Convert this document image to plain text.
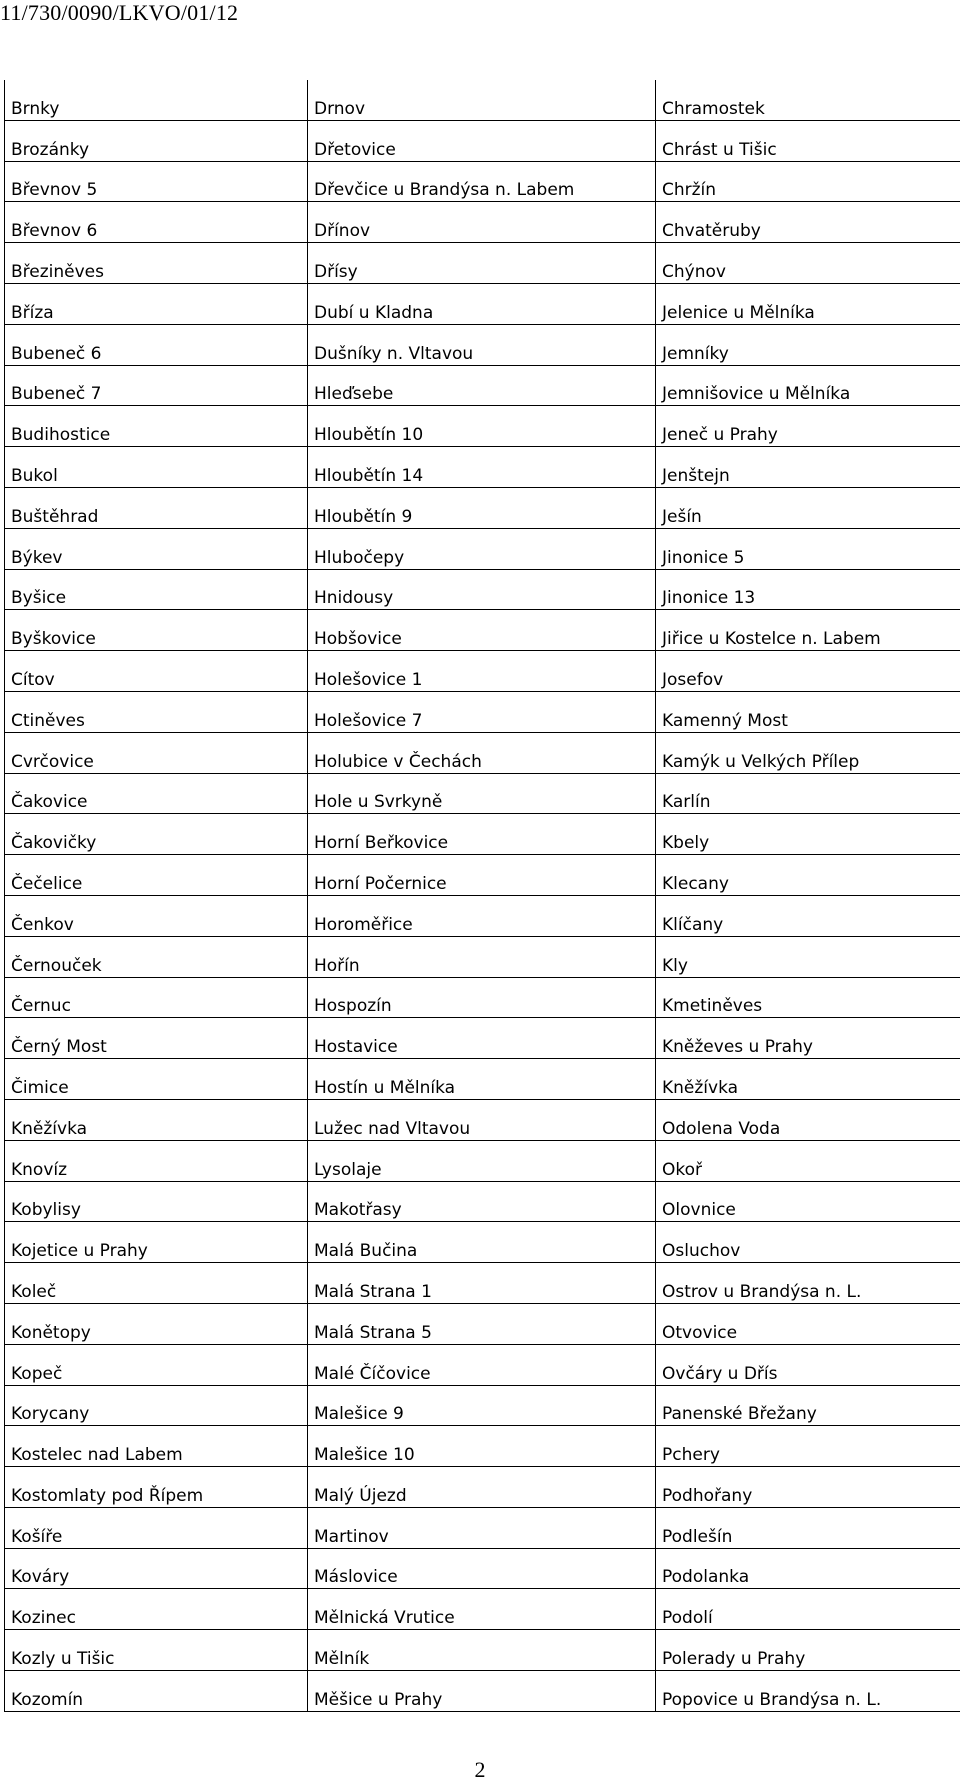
11/730/0090/LKVO/01/12
Brnky	Drnov	Chramostek
Brozánky	Dřetovice	Chrást u Tišic
Břevnov 5	Dřevčice u Brandýsa n. Labem	Chržín
Břevnov 6	Dřínov	Chvatěruby
Březiněves	Dřísy	Chýnov
Bříza	Dubí u Kladna	Jelenice u Mělníka
Bubeneč 6	Dušníky n. Vltavou	Jemníky
Bubeneč 7	Hleďsebe	Jemnišovice u Mělníka
Budihostice	Hloubětín 10	Jeneč u Prahy
Bukol	Hloubětín 14	Jenštejn
Buštěhrad	Hloubětín 9	Ješín
Býkev	Hlubočepy	Jinonice 5
Byšice	Hnidousy	Jinonice 13
Byškovice	Hobšovice	Jiřice u Kostelce n. Labem
Cítov	Holešovice 1	Josefov
Ctiněves	Holešovice 7	Kamenný Most
Cvrčovice	Holubice v Čechách	Kamýk u Velkých Přílep
Čakovice	Hole u Svrkyně	Karlín
Čakovičky	Horní Beřkovice	Kbely
Čečelice	Horní Počernice	Klecany
Čenkov	Horoměřice	Klíčany
Černouček	Hořín	Kly
Černuc	Hospozín	Kmetiněves
Černý Most	Hostavice	Kněževes u Prahy
Čimice	Hostín u Mělníka	Kněžívka
Kněžívka	Lužec nad Vltavou	Odolena Voda
Knovíz	Lysolaje	Okoř
Kobylisy	Makotřasy	Olovnice
Kojetice u Prahy	Malá Bučina	Osluchov
Koleč	Malá Strana 1	Ostrov u Brandýsa n. L.
Konětopy	Malá Strana 5	Otvovice
Kopeč	Malé Číčovice	Ovčáry u Dřís
Korycany	Malešice 9	Panenské Břežany
Kostelec nad Labem	Malešice 10	Pchery
Kostomlaty pod Řípem	Malý Újezd	Podhořany
Košíře	Martinov	Podlešín
Kováry	Máslovice	Podolanka
Kozinec	Mělnická Vrutice	Podolí
Kozly u Tišic	Mělník	Polerady u Prahy
Kozomín	Měšice u Prahy	Popovice u Brandýsa n. L.
2
